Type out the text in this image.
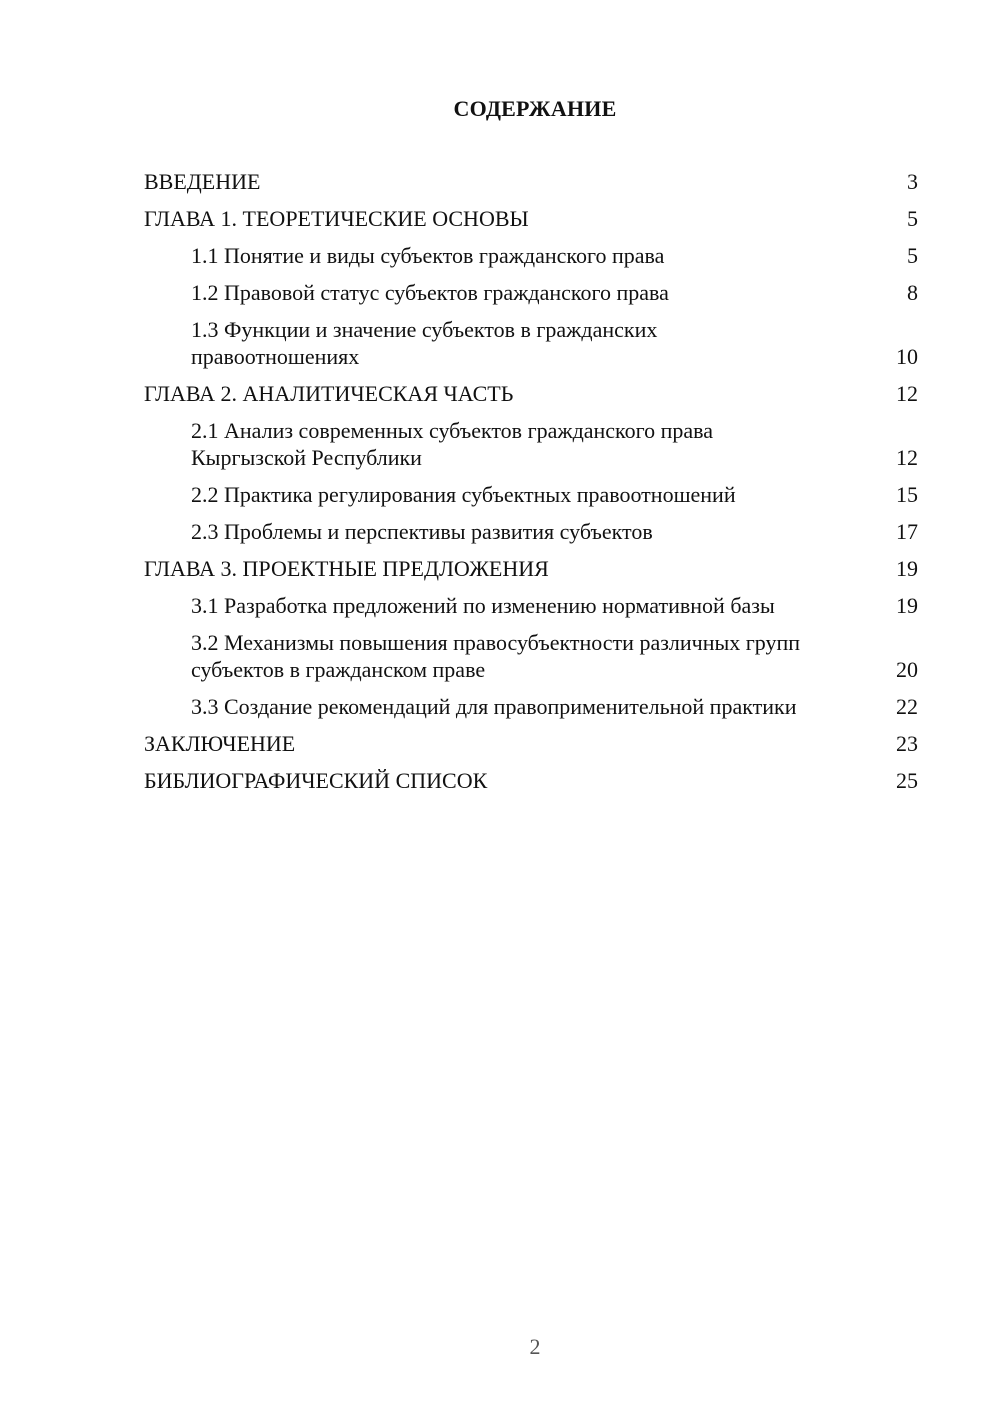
СОДЕРЖАНИЕ
ВВЕДЕНИЕ	3
ГЛАВА 1. ТЕОРЕТИЧЕСКИЕ ОСНОВЫ	5
1.1 Понятие и виды субъектов гражданского права	5
1.2 Правовой статус субъектов гражданского права	8
1.3 Функции и значение субъектов в гражданских правоотношениях	10
ГЛАВА 2. АНАЛИТИЧЕСКАЯ ЧАСТЬ	12
2.1 Анализ современных субъектов гражданского права Кыргызской Республики	12
2.2 Практика регулирования субъектных правоотношений	15
2.3 Проблемы и перспективы развития субъектов	17
ГЛАВА 3. ПРОЕКТНЫЕ ПРЕДЛОЖЕНИЯ	19
3.1 Разработка предложений по изменению нормативной базы	19
3.2 Механизмы повышения правосубъектности различных групп субъектов в гражданском праве	20
3.3 Создание рекомендаций для правоприменительной практики	22
ЗАКЛЮЧЕНИЕ	23
БИБЛИОГРАФИЧЕСКИЙ СПИСОК	25
2
